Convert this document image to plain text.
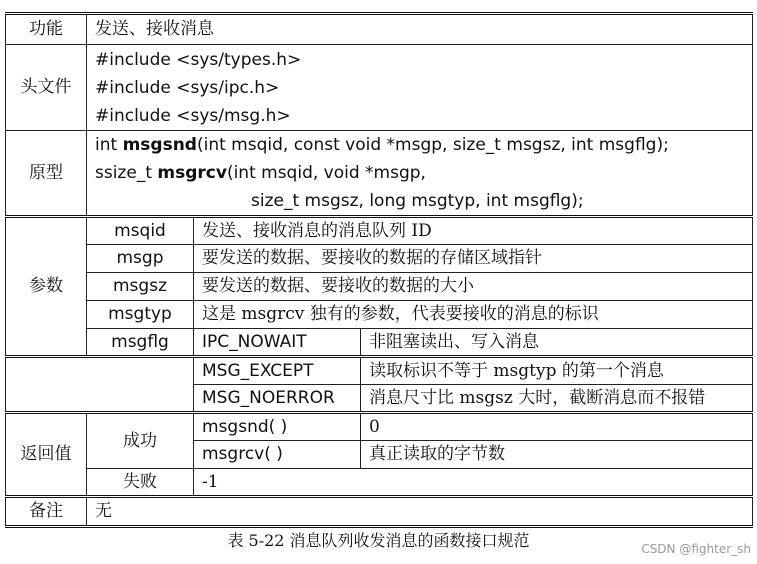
功能	发送、接收消息		
头文件	#include <sys/types.h>
#include <sys/ipc.h>
#include <sys/msg.h>		

原型	int msgsnd(int msqid, const void *msgp, size_t msgsz, int msgflg);
ssize_t msgrcv(int msqid, void *msgp,
size_t msgsz, long msgtyp, int msgflg);		

参数	msqid	发送、接收消息的消息队列 ID	
	msgp	要发送的数据、要接收的数据的存储区域指针	
	msgsz	要发送的数据、要接收的数据的大小	
	msgtyp	这是 msgrcv 独有的参数，代表要接收的消息的标识	
	msgflg	IPC_NOWAIT	非阻塞读出、写入消息
		MSG_EXCEPT	读取标识不等于 msgtyp 的第一个消息
		MSG_NOERROR	消息尺寸比 msgsz 大时，截断消息而不报错
返回值	成功	msgsnd( )	0
		msgrcv( )	真正读取的字节数
	失败	-1	
备注	无		
表 5-22 消息队列收发消息的函数接口规范	CSDN @fighter_sh
